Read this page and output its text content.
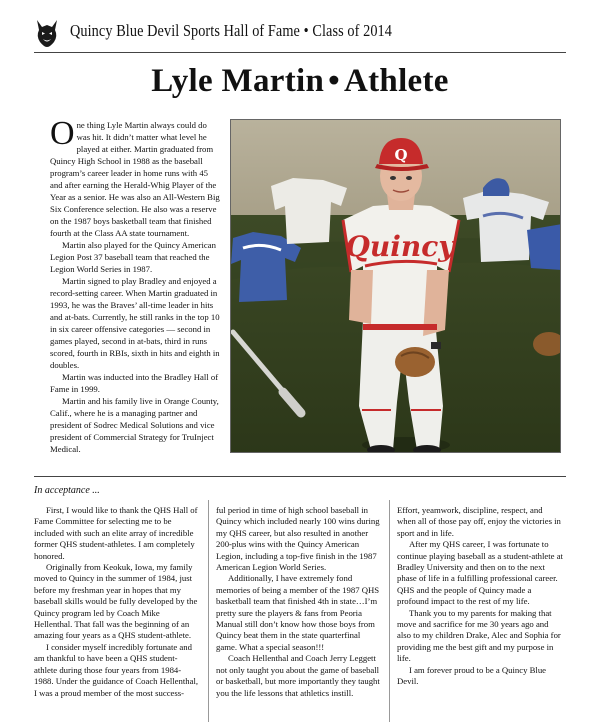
Quincy Blue Devil Sports Hall of Fame • Class of 2014
Lyle Martin • Athlete

One thing Lyle Martin always could do was hit. It didn’t matter what level he played at either. Martin graduated from Quincy High School in 1988 as the baseball program’s career leader in home runs with 45 and after earning the Herald-Whig Player of the Year as a senior. He was also an All-Western Big Six Conference selection. He also was a reserve on the 1987 boys basketball team that finished fourth at the Class AA state tournament.

Martin also played for the Quincy American Legion Post 37 baseball team that reached the Legion World Series in 1987.

Martin signed to play Bradley and enjoyed a record-setting career. When Martin graduated in 1993, he was the Braves’ all-time leader in hits and at-bats. Currently, he still ranks in the top 10 in six career offensive categories — second in games played, second in at-bats, third in runs scored, fourth in RBIs, sixth in hits and eighth in doubles.

Martin was inducted into the Bradley Hall of Fame in 1999.

Martin and his family live in Orange County, Calif., where he is a managing partner and president of Sodrec Medical Solutions and vice president of Commercial Strategy for TruInject Medical.

Quincy
Q
In acceptance ...

First, I would like to thank the QHS Hall of Fame Committee for selecting me to be included with such an elite array of incredible former QHS student-athletes. I am completely honored.

Originally from Keokuk, Iowa, my family moved to Quincy in the summer of 1984, just before my freshman year in hopes that my baseball skills would be fully developed by the Quincy program led by Coach Mike Hellenthal. That fall was the beginning of an amazing four years as a QHS student-athlete.

I consider myself incredibly fortunate and am thankful to have been a QHS student-athlete during those four years from 1984-1988. Under the guidance of Coach Hellenthal, I was a proud member of the most success-

ful period in time of high school baseball in Quincy which included nearly 100 wins during my QHS career, but also resulted in another 200-plus wins with the Quincy American Legion, including a top-five finish in the 1987 American Legion World Series.

Additionally, I have extremely fond memories of being a member of the 1987 QHS basketball team that finished 4th in state…I’m pretty sure the players & fans from Peoria Manual still don’t know how those boys from Quincy beat them in the state quarterfinal game. What a special season!!!

Coach Hellenthal and Coach Jerry Leggett not only taught you about the game of baseball or basketball, but more importantly they taught you the life lessons that athletics instill.

Effort, yeamwork, discipline, respect, and when all of those pay off, enjoy the victories in sport and in life.

After my QHS career, I was fortunate to continue playing baseball as a student-athlete at Bradley University and then on to the next phase of life in a fulfilling professional career. QHS and the people of Quincy made a profound impact to the rest of my life.

Thank you to my parents for making that move and sacrifice for me 30 years ago and also to my children Drake, Alec and Sophia for providing me the best gift and my purpose in life.

I am forever proud to be a Quincy Blue Devil.
